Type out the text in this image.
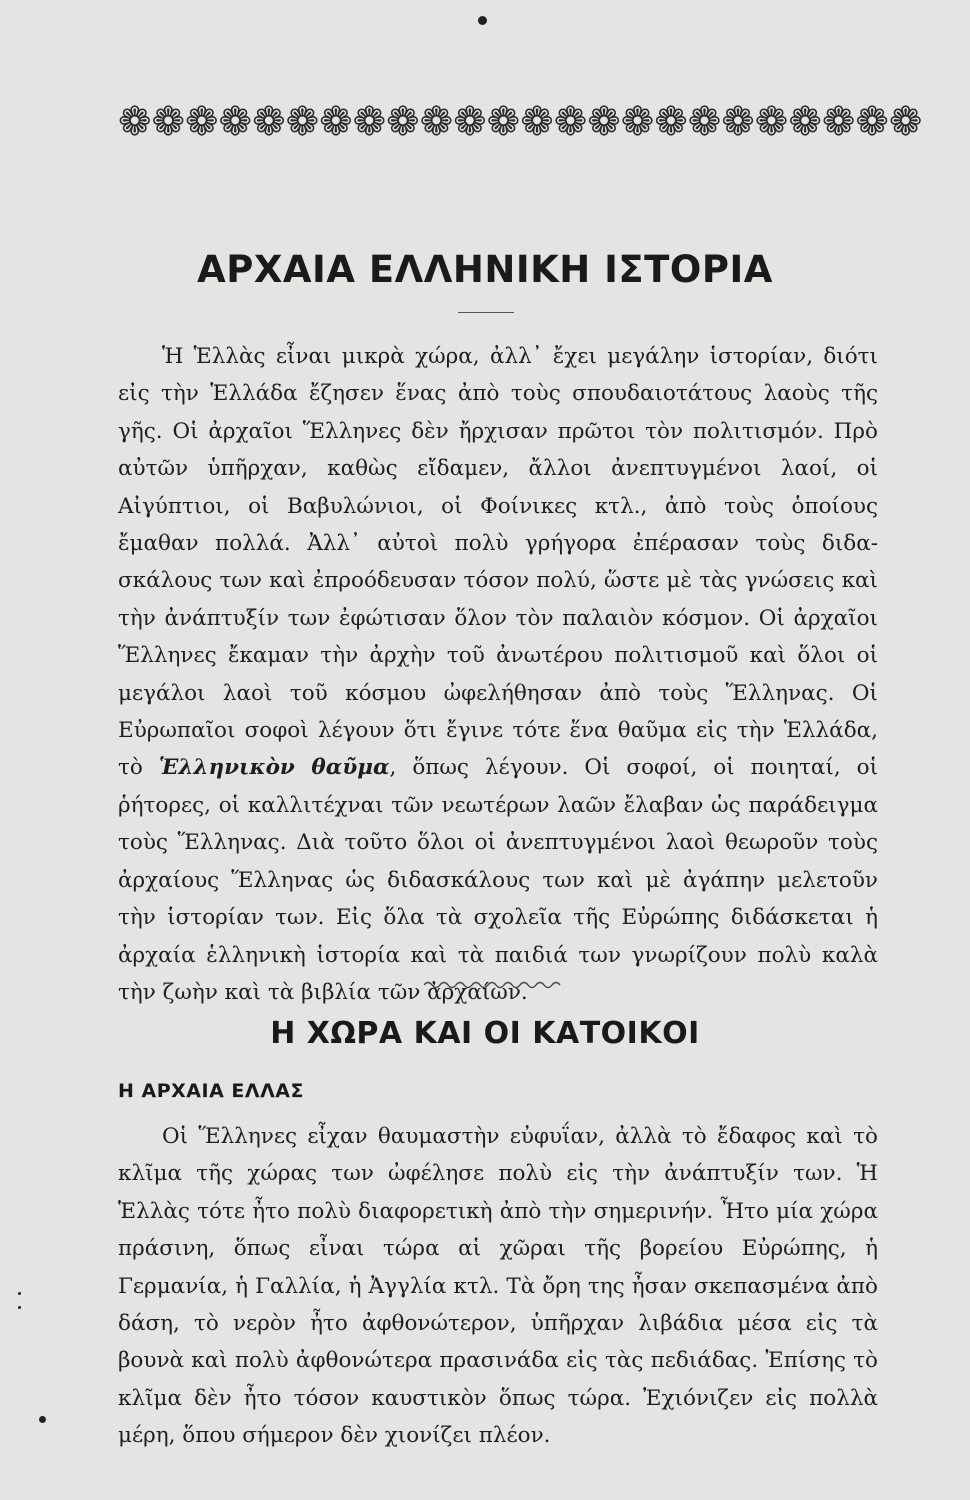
❁ ❁ ❁ ❁ ❁ ❁ ❁ ❁ ❁ ❁ ❁ ❁ ❁ ❁ ❁ ❁ ❁ ❁ ❁ ❁ ❁ ❁ ❁ ❁
ΑΡΧΑΙΑ ΕΛΛΗΝΙΚΗ ΙΣΤΟΡΙΑ
Ἡ Ἑλλὰς εἶναι μικρὰ χώρα, ἀλλ᾽ ἔχει μεγάλην ἱστορίαν, διότι εἰς τὴν Ἑλλάδα ἔζησεν ἕνας ἀπὸ τοὺς σπουδαιοτάτους λαοὺς τῆς γῆς. Οἱ ἀρχαῖοι Ἕλληνες δὲν ἤρχισαν πρῶτοι τὸν πολιτισμόν. Πρὸ αὐτῶν ὑπῆρχαν, καθὼς εἴδαμεν, ἄλλοι ἀνεπτυγμένοι λαοί, οἱ Αἰγύπτιοι, οἱ Βαβυλώνιοι, οἱ Φοίνικες κτλ., ἀπὸ τοὺς ὁποίους ἔμαθαν πολλά. Ἀλλ᾽ αὐτοὶ πολὺ γρήγορα ἐπέρασαν τοὺς διδασκάλους των καὶ ἐπροόδευσαν τόσον πολύ, ὥστε μὲ τὰς γνώσεις καὶ τὴν ἀνάπτυξίν των ἐφώτισαν ὅλον τὸν παλαιὸν κόσμον. Οἱ ἀρχαῖοι Ἕλληνες ἔκαμαν τὴν ἀρχὴν τοῦ ἀνωτέρου πολιτισμοῦ καὶ ὅλοι οἱ μεγάλοι λαοὶ τοῦ κόσμου ὠφελήθησαν ἀπὸ τοὺς Ἕλληνας. Οἱ Εὐρωπαῖοι σοφοὶ λέγουν ὅτι ἔγινε τότε ἕνα θαῦμα εἰς τὴν Ἑλλάδα, τὸ Ἑλληνικὸν θαῦμα, ὅπως λέγουν. Οἱ σοφοί, οἱ ποιηταί, οἱ ῥήτορες, οἱ καλλιτέχναι τῶν νεωτέρων λαῶν ἔλαβαν ὡς παράδειγμα τοὺς Ἕλληνας. Διὰ τοῦτο ὅλοι οἱ ἀνεπτυγμένοι λαοὶ θεωροῦν τοὺς ἀρχαίους Ἕλληνας ὡς διδασκάλους των καὶ μὲ ἀγάπην μελετοῦν τὴν ἱστορίαν των. Εἰς ὅλα τὰ σχολεῖα τῆς Εὐρώπης διδάσκεται ἡ ἀρχαία ἑλληνικὴ ἱστορία καὶ τὰ παιδιά των γνωρίζουν πολὺ καλὰ τὴν ζωὴν καὶ τὰ βιβλία τῶν ἀρχαίων.
Η ΧΩΡΑ ΚΑΙ ΟΙ ΚΑΤΟΙΚΟΙ
Η ΑΡΧΑΙΑ ΕΛΛΑΣ
Οἱ Ἕλληνες εἶχαν θαυμαστὴν εὐφυΐαν, ἀλλὰ τὸ ἔδαφος καὶ τὸ κλῖμα τῆς χώρας των ὠφέλησε πολὺ εἰς τὴν ἀνάπτυξίν των. Ἡ Ἑλλὰς τότε ἦτο πολὺ διαφορετικὴ ἀπὸ τὴν σημερινήν. Ἦτο μία χώρα πράσινη, ὅπως εἶναι τώρα αἱ χῶραι τῆς βορείου Εὐρώπης, ἡ Γερμανία, ἡ Γαλλία, ἡ Ἀγγλία κτλ. Τὰ ὄρη της ἦσαν σκεπασμένα ἀπὸ δάση, τὸ νερὸν ἦτο ἀφθονώτερον, ὑπῆρχαν λιβάδια μέσα εἰς τὰ βουνὰ καὶ πολὺ ἀφθονώτερα πρασινάδα εἰς τὰς πεδιάδας. Ἐπίσης τὸ κλῖμα δὲν ἦτο τόσον καυστικὸν ὅπως τώρα. Ἐχιόνιζεν εἰς πολλὰ μέρη, ὅπου σήμερον δὲν χιονίζει πλέον.
